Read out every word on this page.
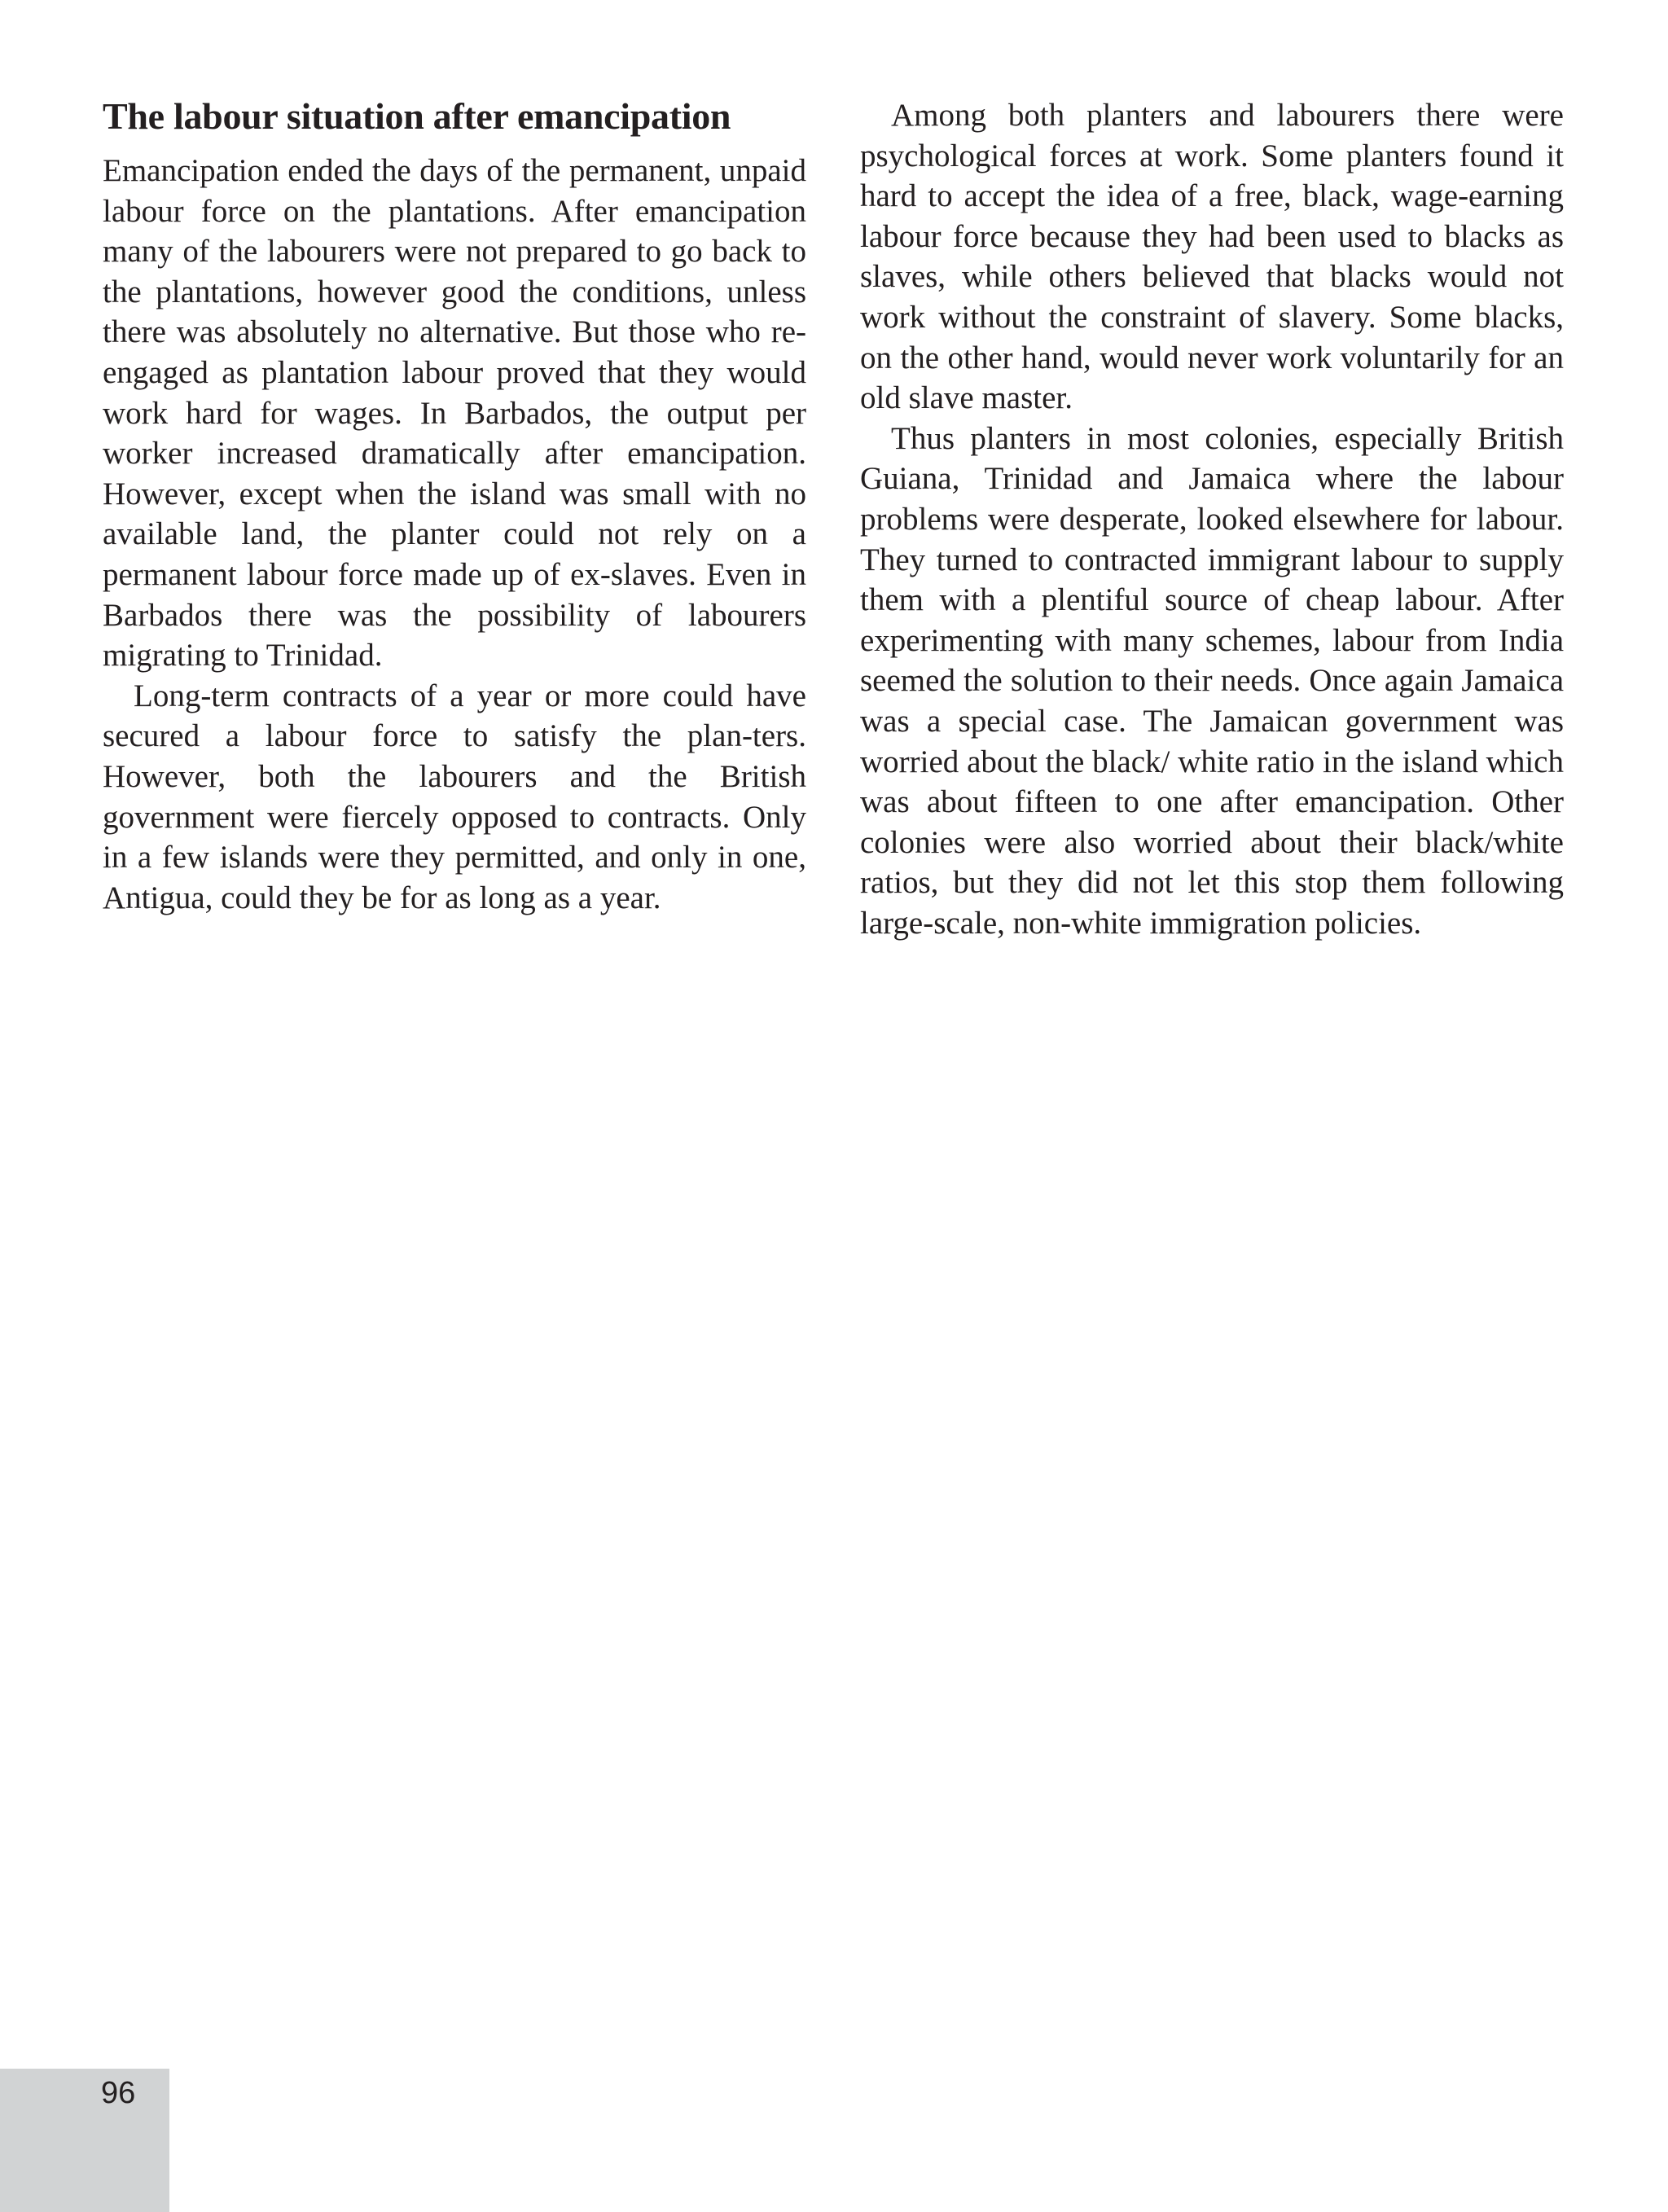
The labour situation after emancipation

Emancipation ended the days of the permanent, unpaid labour force on the plantations. After emancipation many of the labourers were not prepared to go back to the plantations, however good the conditions, unless there was absolutely no alternative. But those who re-engaged as plantation labour proved that they would work hard for wages. In Barbados, the output per worker increased dramatically after emancipation. However, except when the island was small with no available land, the planter could not rely on a permanent labour force made up of ex-slaves. Even in Barbados there was the possibility of labourers migrating to Trinidad.

Long-term contracts of a year or more could have secured a labour force to satisfy the plan-ters. However, both the labourers and the British government were fiercely opposed to contracts. Only in a few islands were they permitted, and only in one, Antigua, could they be for as long as a year.

Among both planters and labourers there were psychological forces at work. Some planters found it hard to accept the idea of a free, black, wage-earning labour force because they had been used to blacks as slaves, while others believed that blacks would not work without the constraint of slavery. Some blacks, on the other hand, would never work voluntarily for an old slave master.

Thus planters in most colonies, especially British Guiana, Trinidad and Jamaica where the labour problems were desperate, looked elsewhere for labour. They turned to contracted immigrant labour to supply them with a plentiful source of cheap labour. After experimenting with many schemes, labour from India seemed the solution to their needs. Once again Jamaica was a special case. The Jamaican government was worried about the black/ white ratio in the island which was about fifteen to one after emancipation. Other colonies were also worried about their black/white ratios, but they did not let this stop them following large-scale, non-white immigration policies.

96
